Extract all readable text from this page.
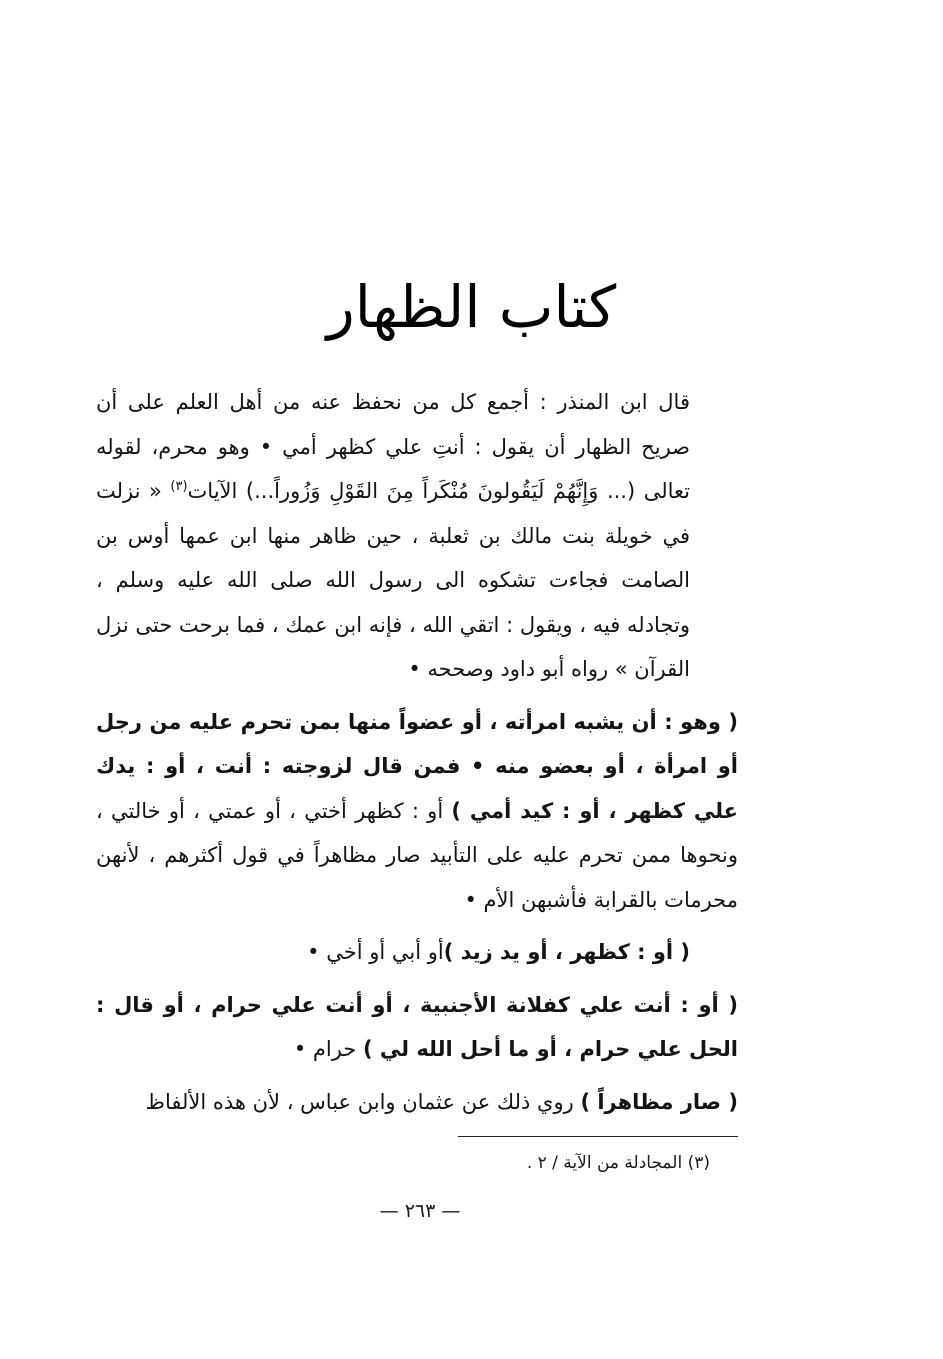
كتاب الظهار

قال ابن المنذر : أجمع كل من نحفظ عنه من أهل العلم على أن صريح الظهار أن يقول : أنتِ علي كظهر أمي • وهو محرم، لقوله تعالى (... وَإِنَّهُمْ لَيَقُولونَ مُنْكَراً مِنَ القَوْلِ وَزُوراً...) الآيات$^{(٣)}$ « نزلت في خويلة بنت مالك بن ثعلبة ، حين ظاهر منها ابن عمها أوس بن الصامت فجاءت تشكوه الى رسول الله صلى الله عليه وسلم ، وتجادله فيه ، ويقول : اتقي الله ، فإنه ابن عمك ، فما برحت حتى نزل القرآن » رواه أبو داود وصححه •

( وهو : أن يشبه امرأته ، أو عضواً منها بمن تحرم عليه من رجل أو امرأة ، أو بعضو منه • فمن قال لزوجته : أنت ، أو : يدك علي كظهر ، أو : كيد أمي ) أو : كظهر أختي ، أو عمتي ، أو خالتي ، ونحوها ممن تحرم عليه على التأبيد صار مظاهراً في قول أكثرهم ، لأنهن محرمات بالقرابة فأشبهن الأم •

( أو : كظهر ، أو يد زيد )أو أبي أو أخي •

( أو : أنت علي كفلانة الأجنبية ، أو أنت علي حرام ، أو قال : الحل علي حرام ، أو ما أحل الله لي ) حرام •

( صار مظاهراً ) روي ذلك عن عثمان وابن عباس ، لأن هذه الألفاظ

(٣) المجادلة من الآية / ٢ .
— ٢٦٣ —
